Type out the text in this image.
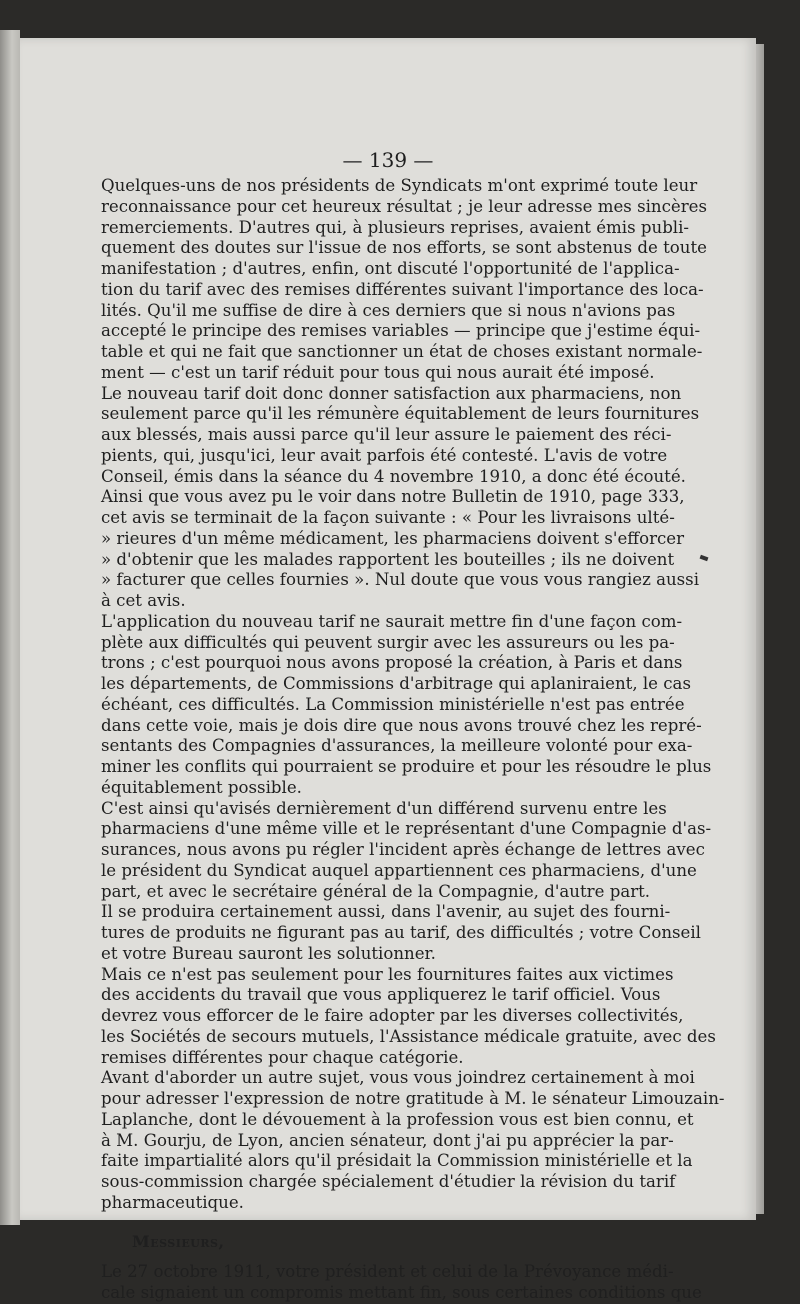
— 139 —
Quelques-uns de nos présidents de Syndicats m'ont exprimé toute leur
reconnaissance pour cet heureux résultat ; je leur adresse mes sincères
remerciements. D'autres qui, à plusieurs reprises, avaient émis publi-
quement des doutes sur l'issue de nos efforts, se sont abstenus de toute
manifestation ; d'autres, enfin, ont discuté l'opportunité de l'applica-
tion du tarif avec des remises différentes suivant l'importance des loca-
lités. Qu'il me suffise de dire à ces derniers que si nous n'avions pas
accepté le principe des remises variables — principe que j'estime équi-
table et qui ne fait que sanctionner un état de choses existant normale-
ment — c'est un tarif réduit pour tous qui nous aurait été imposé.
Le nouveau tarif doit donc donner satisfaction aux pharmaciens, non
seulement parce qu'il les rémunère équitablement de leurs fournitures
aux blessés, mais aussi parce qu'il leur assure le paiement des réci-
pients, qui, jusqu'ici, leur avait parfois été contesté. L'avis de votre
Conseil, émis dans la séance du 4 novembre 1910, a donc été écouté.
Ainsi que vous avez pu le voir dans notre Bulletin de 1910, page 333,
cet avis se terminait de la façon suivante : « Pour les livraisons ulté-
» rieures d'un même médicament, les pharmaciens doivent s'efforcer
» d'obtenir que les malades rapportent les bouteilles ; ils ne doivent
» facturer que celles fournies ». Nul doute que vous vous rangiez aussi
à cet avis.
L'application du nouveau tarif ne saurait mettre fin d'une façon com-
plète aux difficultés qui peuvent surgir avec les assureurs ou les pa-
trons ; c'est pourquoi nous avons proposé la création, à Paris et dans
les départements, de Commissions d'arbitrage qui aplaniraient, le cas
échéant, ces difficultés. La Commission ministérielle n'est pas entrée
dans cette voie, mais je dois dire que nous avons trouvé chez les repré-
sentants des Compagnies d'assurances, la meilleure volonté pour exa-
miner les conflits qui pourraient se produire et pour les résoudre le plus
équitablement possible.
C'est ainsi qu'avisés dernièrement d'un différend survenu entre les
pharmaciens d'une même ville et le représentant d'une Compagnie d'as-
surances, nous avons pu régler l'incident après échange de lettres avec
le président du Syndicat auquel appartiennent ces pharmaciens, d'une
part, et avec le secrétaire général de la Compagnie, d'autre part.
Il se produira certainement aussi, dans l'avenir, au sujet des fourni-
tures de produits ne figurant pas au tarif, des difficultés ; votre Conseil
et votre Bureau sauront les solutionner.
Mais ce n'est pas seulement pour les fournitures faites aux victimes
des accidents du travail que vous appliquerez le tarif officiel. Vous
devrez vous efforcer de le faire adopter par les diverses collectivités,
les Sociétés de secours mutuels, l'Assistance médicale gratuite, avec des
remises différentes pour chaque catégorie.
Avant d'aborder un autre sujet, vous vous joindrez certainement à moi
pour adresser l'expression de notre gratitude à M. le sénateur Limouzain-
Laplanche, dont le dévouement à la profession vous est bien connu, et
à M. Gourju, de Lyon, ancien sénateur, dont j'ai pu apprécier la par-
faite impartialité alors qu'il présidait la Commission ministérielle et la
sous-commission chargée spécialement d'étudier la révision du tarif
pharmaceutique.
Messieurs,
Le 27 octobre 1911, votre président et celui de la Prévoyance médi-
cale signaient un compromis mettant fin, sous certaines conditions que
